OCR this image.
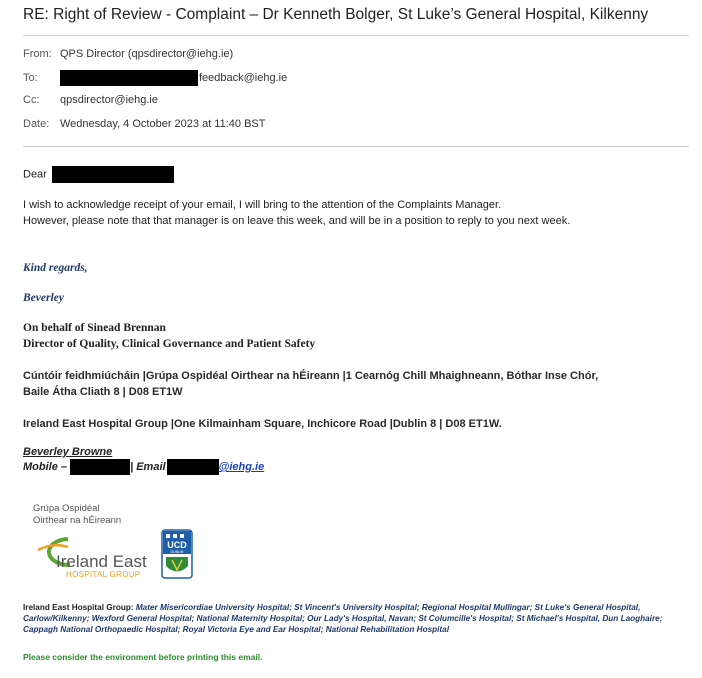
RE: Right of Review - Complaint – Dr Kenneth Bolger, St Luke’s General Hospital, Kilkenny
From: QPS Director (qpsdirector@iehg.ie)
To:	feedback@iehg.ie
Cc: qpsdirector@iehg.ie
Date: Wednesday, 4 October 2023 at 11:40 BST
Dear
I wish to acknowledge receipt of your email, I will bring to the attention of the Complaints Manager.
However, please note that that manager is on leave this week, and will be in a position to reply to you next week.
Kind regards,
Beverley
On behalf of Sinead Brennan
Director of Quality, Clinical Governance and Patient Safety
Cúntóir feidhmiúcháin |Grúpa Ospidéal Oirthear na hÉireann |1 Cearnóg Chill Mhaighneann, Bóthar Inse Chór,
Baile Átha Cliath 8 | D08 ET1W
Ireland East Hospital Group |One Kilmainham Square, Inchicore Road |Dublin 8 | D08 ET1W.
Beverley Browne
Mobile –	| Email	@iehg.ie
Grúpa Ospidéal
Oirthear na hÉireann
UCD
DUBLIN
Ireland East
HOSPITAL GROUP
Ireland East Hospital Group: Mater Misericordiae University Hospital; St Vincent's University Hospital; Regional Hospital Mullingar; St Luke's General Hospital, Carlow/Kilkenny; Wexford General Hospital; National Maternity Hospital; Our Lady's Hospital, Navan; St Columcille's Hospital; St Michael's Hospital, Dun Laoghaire; Cappagh National Orthopaedic Hospital; Royal Victoria Eye and Ear Hospital; National Rehabilitation Hospital
Please consider the environment before printing this email.
